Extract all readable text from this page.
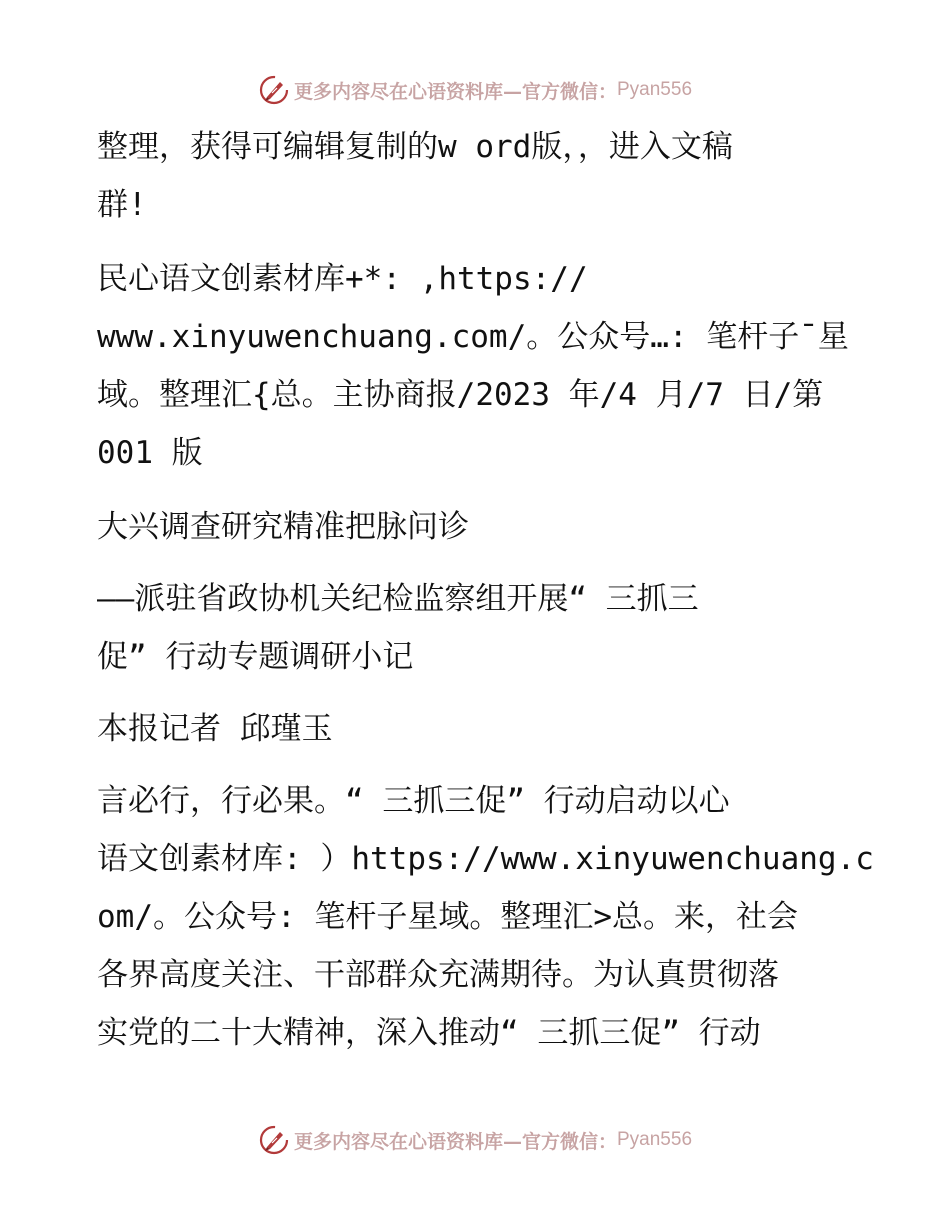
更多内容尽在心语资料库—官方微信： Pyan556

整理，获得可编辑复制的w ord版，，进入文稿

群!

民心语文创素材库+*: ,https://

www.xinyuwenchuang.com/。公众号…: 笔杆子¯星

域。整理汇{总。主协商报/2023 年/4 月/7 日/第

001 版

大兴调查研究精准把脉问诊

——派驻省政协机关纪检监察组开展“ 三抓三

促” 行动专题调研小记

本报记者 邱瑾玉

言必行，行必果。“ 三抓三促” 行动启动以心

语文创素材库: ）https://www.xinyuwenchuang.c

om/。公众号: 笔杆子星域。整理汇>总。来，社会

各界高度关注、干部群众充满期待。为认真贯彻落

实党的二十大精神，深入推动“ 三抓三促” 行动

更多内容尽在心语资料库—官方微信： Pyan556
